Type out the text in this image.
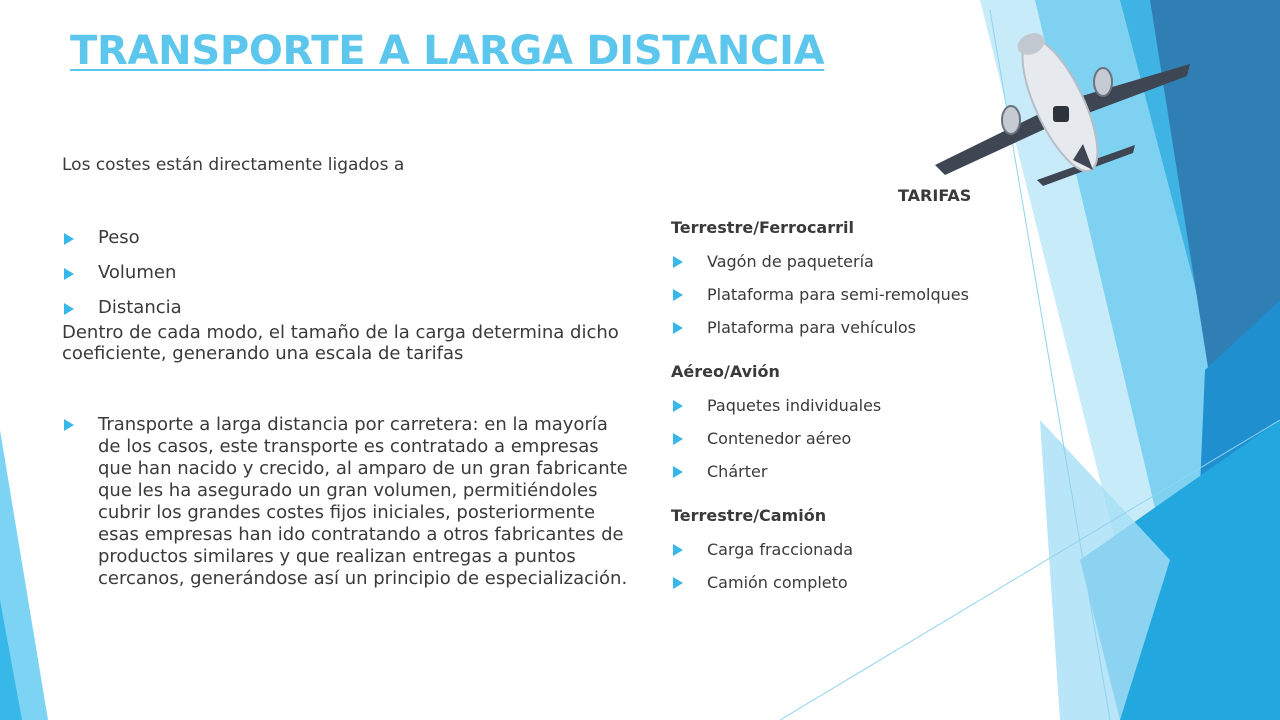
TRANSPORTE A LARGA DISTANCIA

Los costes están directamente ligados a

Peso
Volumen
Distancia

Dentro de cada modo, el tamaño de la carga determina dicho coeficiente, generando una escala de tarifas

Transporte a larga distancia por carretera: en la mayoría de los casos, este transporte es contratado a empresas que han nacido y crecido, al amparo de un gran fabricante que les ha asegurado un gran volumen, permitiéndoles cubrir los grandes costes fijos iniciales, posteriormente esas empresas han ido contratando a otros fabricantes de productos similares y que realizan entregas a puntos cercanos, generándose así un principio de especialización.

TARIFAS

Terrestre/Ferrocarril

Vagón de paquetería
Plataforma para semi-remolques
Plataforma para vehículos

Aéreo/Avión

Paquetes individuales
Contenedor aéreo
Chárter

Terrestre/Camión

Carga fraccionada
Camión completo
